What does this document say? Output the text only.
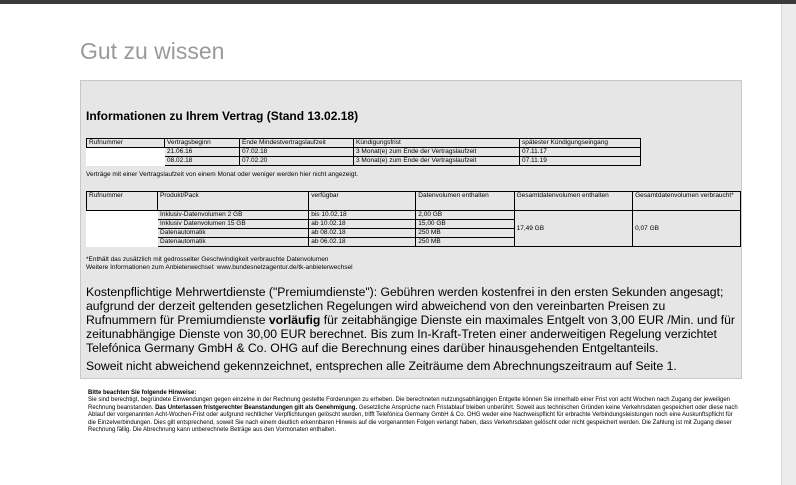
Gut zu wissen
Informationen zu Ihrem Vertrag (Stand 13.02.18)
Rufnummer	Vertragsbeginn	Ende Mindestvertragslaufzeit	Kündigungsfrist	spätester Kündigungseingang
	21.06.16	07.02.18	3 Monat(e) zum Ende der Vertragslaufzeit	07.11.17
	08.02.18	07.02.20	3 Monat(e) zum Ende der Vertragslaufzeit	07.11.19
Verträge mit einer Vertragslaufzeit von einem Monat oder weniger werden hier nicht angezeigt.
Rufnummer	Produkt/Pack	verfügbar	Datenvolumen enthalten	Gesamtdatenvolumen enthalten	Gesamtdatenvolumen verbraucht*
	Inklusiv-Datenvolumen 2 GB	bis 10.02.18	2,00 GB	17,49 GB	0,07 GB
	Inklusiv Datenvolumen 15 GB	ab 10.02.18	15,00 GB		
	Datenautomatik	ab 08.02.18	250 MB		
	Datenautomatik	ab 06.02.18	250 MB		
*Enthält das zusätzlich mit gedrosselter Geschwindigkeit verbrauchte Datenvolumen
Weitere Informationen zum Anbieterwechsel: www.bundesnetzagentur.de/tk-anbieterwechsel
Kostenpflichtige Mehrwertdienste ("Premiumdienste"): Gebühren werden kostenfrei in den ersten Sekunden angesagt; aufgrund der derzeit geltenden gesetzlichen Regelungen wird abweichend von den vereinbarten Preisen zu Rufnummern für Premiumdienste vorläufig für zeitabhängige Dienste ein maximales Entgelt von 3,00 EUR /Min. und für zeitunabhängige Dienste von 30,00 EUR berechnet. Bis zum In-Kraft-Treten einer anderweitigen Regelung verzichtet Telefónica Germany GmbH & Co. OHG auf die Berechnung eines darüber hinausgehenden Entgeltanteils.
Soweit nicht abweichend gekennzeichnet, entsprechen alle Zeiträume dem Abrechnungszeitraum auf Seite 1.
Bitte beachten Sie folgende Hinweise:
Sie sind berechtigt, begründete Einwendungen gegen einzelne in der Rechnung gestellte Forderungen zu erheben. Die berechneten nutzungsabhängigen Entgelte können Sie innerhalb einer Frist von acht Wochen nach Zugang der jeweiligen Rechnung beanstanden. Das Unterlassen fristgerechter Beanstandungen gilt als Genehmigung. Gesetzliche Ansprüche nach Fristablauf bleiben unberührt. Soweit aus technischen Gründen keine Verkehrsdaten gespeichert oder diese nach Ablauf der vorgenannten Acht-Wochen-Frist oder aufgrund rechtlicher Verpflichtungen gelöscht wurden, trifft Telefónica Germany GmbH & Co. OHG weder eine Nachweispflicht für erbrachte Verbindungsleistungen noch eine Auskunftspflicht für die Einzelverbindungen. Dies gilt entsprechend, soweit Sie nach einem deutlich erkennbaren Hinweis auf die vorgenannten Folgen verlangt haben, dass Verkehrsdaten gelöscht oder nicht gespeichert werden. Die Zahlung ist mit Zugang dieser Rechnung fällig. Die Abrechnung kann unberechnete Beträge aus den Vormonaten enthalten.
